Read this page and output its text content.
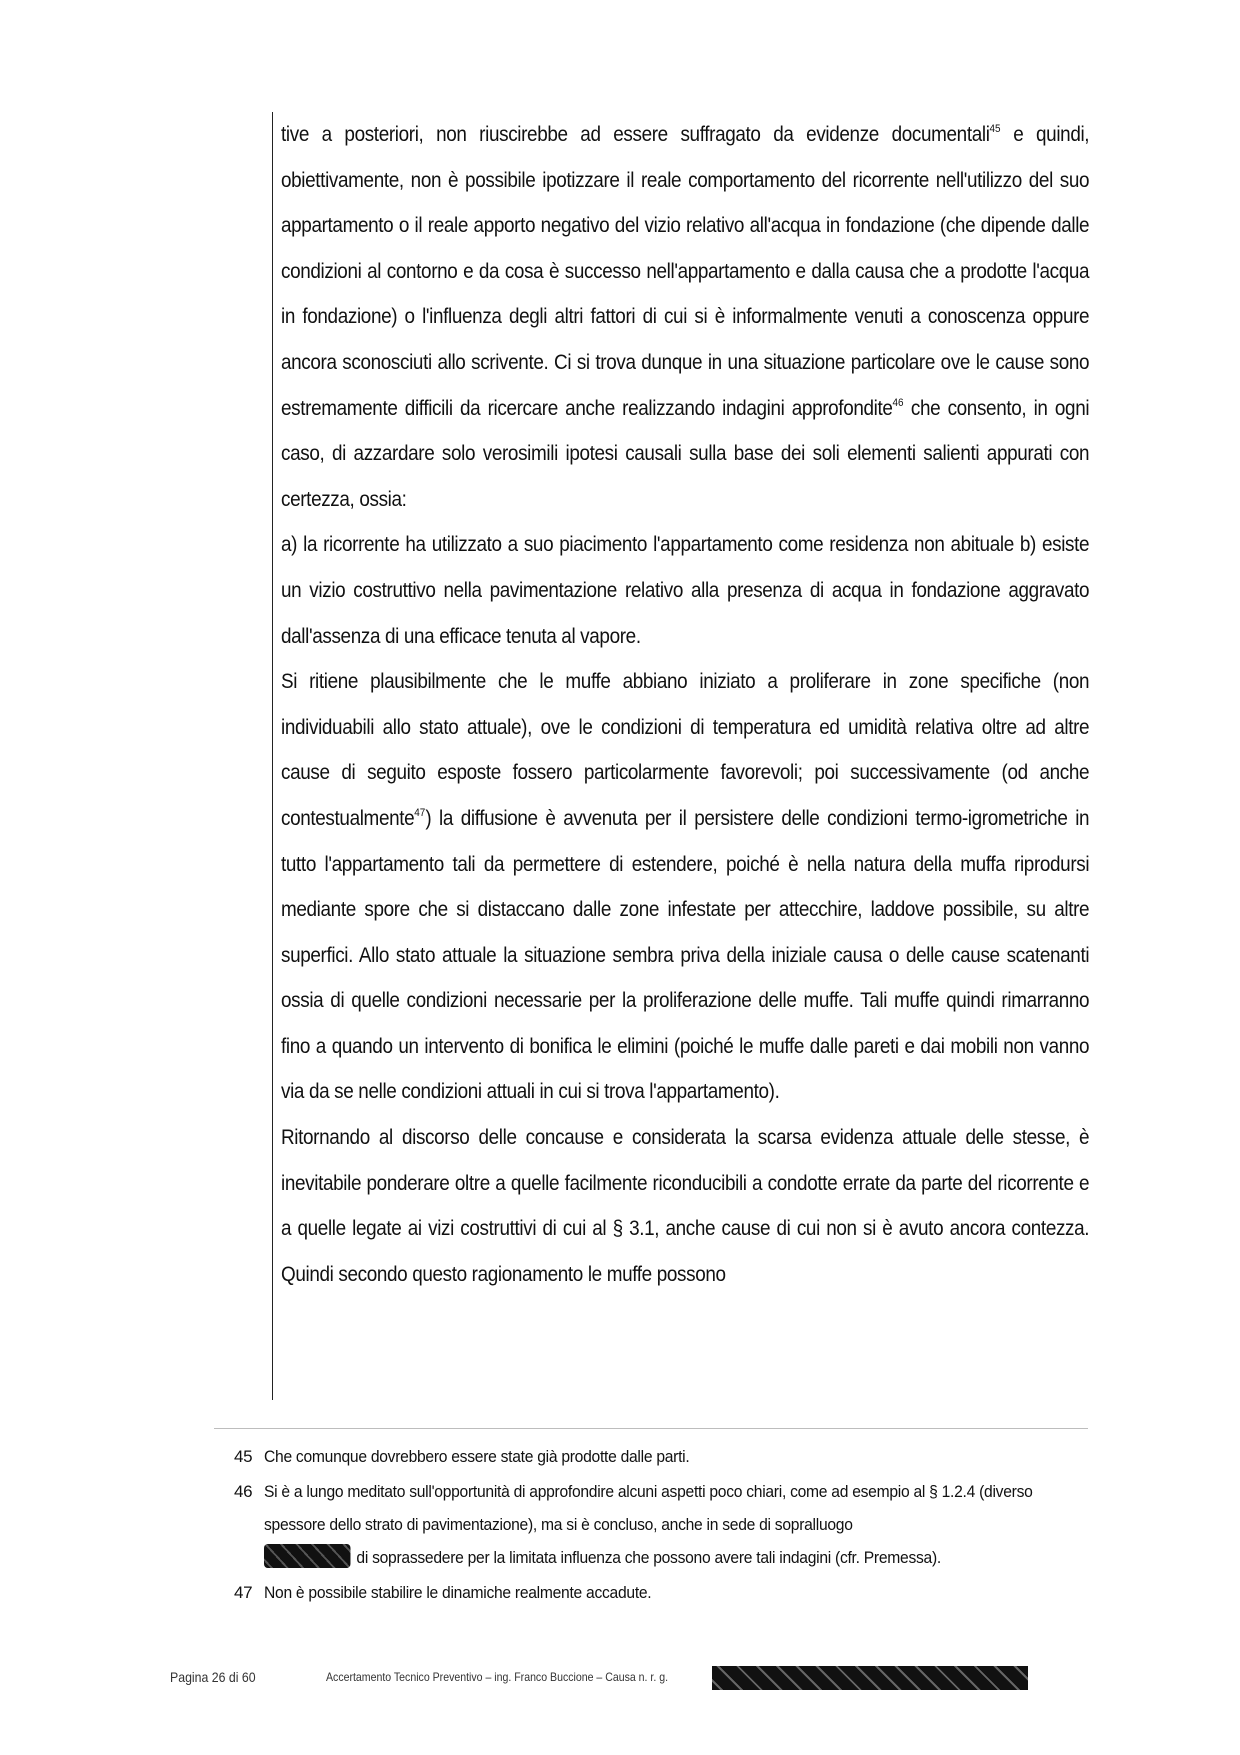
tive a posteriori, non riuscirebbe ad essere suffragato da evidenze documentali$^{45}$ e quindi, obiettivamente, non è possibile ipotizzare il reale comportamento del ricorrente nell'utilizzo del suo appartamento o il reale apporto negativo del vizio relativo all'acqua in fondazione (che dipende dalle condizioni al contorno e da cosa è successo nell'appartamento e dalla causa che a prodotte l'acqua in fondazione) o l'influenza degli altri fattori di cui si è informalmente venuti a conoscenza oppure ancora sconosciuti allo scrivente. Ci si trova dunque in una situazione particolare ove le cause sono estremamente difficili da ricercare anche realizzando indagini approfondite$^{46}$ che consento, in ogni caso, di azzardare solo verosimili ipotesi causali sulla base dei soli elementi salienti appurati con certezza, ossia:

a) la ricorrente ha utilizzato a suo piacimento l'appartamento come residenza non abituale b) esiste un vizio costruttivo nella pavimentazione relativo alla presenza di acqua in fondazione aggravato dall'assenza di una efficace tenuta al vapore.

Si ritiene plausibilmente che le muffe abbiano iniziato a proliferare in zone specifiche (non individuabili allo stato attuale), ove le condizioni di temperatura ed umidità relativa oltre ad altre cause di seguito esposte fossero particolarmente favorevoli; poi successivamente (od anche contestualmente$^{47}$) la diffusione è avvenuta per il persistere delle condizioni termo-igrometriche in tutto l'appartamento tali da permettere di estendere, poiché è nella natura della muffa riprodursi mediante spore che si distaccano dalle zone infestate per attecchire, laddove possibile, su altre superfici. Allo stato attuale la situazione sembra priva della iniziale causa o delle cause scatenanti ossia di quelle condizioni necessarie per la proliferazione delle muffe. Tali muffe quindi rimarranno fino a quando un intervento di bonifica le elimini (poiché le muffe dalle pareti e dai mobili non vanno via da se nelle condizioni attuali in cui si trova l'appartamento).

Ritornando al discorso delle concause e considerata la scarsa evidenza attuale delle stesse, è inevitabile ponderare oltre a quelle facilmente riconducibili a condotte errate da parte del ricorrente e a quelle legate ai vizi costruttivi di cui al § 3.1, anche cause di cui non si è avuto ancora contezza. Quindi secondo questo ragionamento le muffe possono

45 Che comunque dovrebbero essere state già prodotte dalle parti.
46 Si è a lungo meditato sull'opportunità di approfondire alcuni aspetti poco chiari, come ad esempio al § 1.2.4 (diverso spessore dello strato di pavimentazione), ma si è concluso, anche in sede di sopralluogo
di soprassedere per la limitata influenza che possono avere tali indagini (cfr. Premessa).
47 Non è possibile stabilire le dinamiche realmente accadute.
Pagina 26 di 60	Accertamento Tecnico Preventivo – ing. Franco Buccione – Causa n. r. g.
